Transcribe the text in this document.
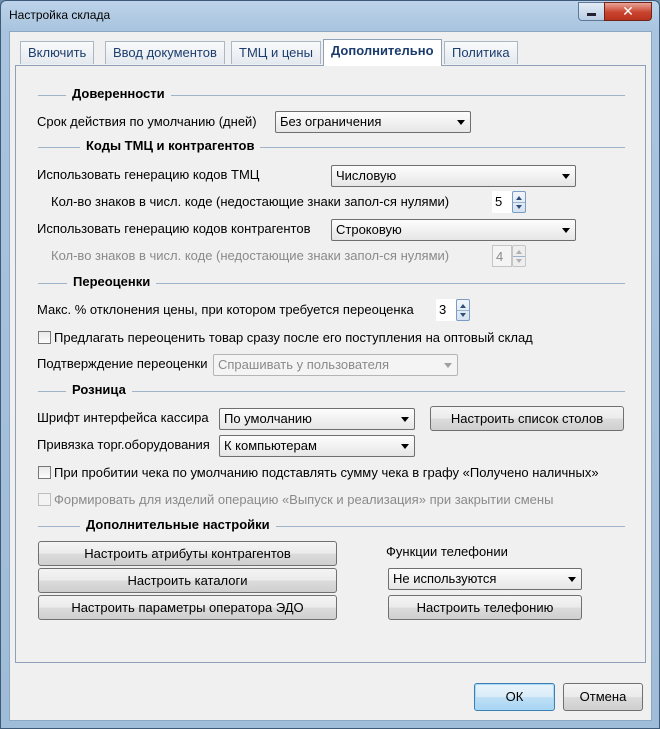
Настройка склада	✕
Включить	Ввод документов	ТМЦ и цены	Дополнительно	Политика
Доверенности
Срок действия по умолчанию (дней)	Без ограничения
Коды ТМЦ и контрагентов
Использовать генерацию кодов ТМЦ	Числовую
Кол-во знаков в числ. коде (недостающие знаки запол-ся нулями)	5
Использовать генерацию кодов контрагентов	Строковую
Кол-во знаков в числ. коде (недостающие знаки запол-ся нулями)	4
Переоценки
Макс. % отклонения цены, при котором требуется переоценка 3
Предлагать переоценить товар сразу после его поступления на оптовый склад
Подтверждение переоценки Спрашивать у пользователя
Розница
Шрифт интерфейса кассира	По умолчанию	Настроить список столов
Привязка торг.оборудования	К компьютерам
При пробитии чека по умолчанию подставлять сумму чека в графу «Получено наличных»
Формировать для изделий операцию «Выпуск и реализация» при закрытии смены
Дополнительные настройки
Настроить атрибуты контрагентов
Настроить каталоги
Настроить параметры оператора ЭДО
Функции телефонии
Не используются
Настроить телефонию
ОК	Отмена
